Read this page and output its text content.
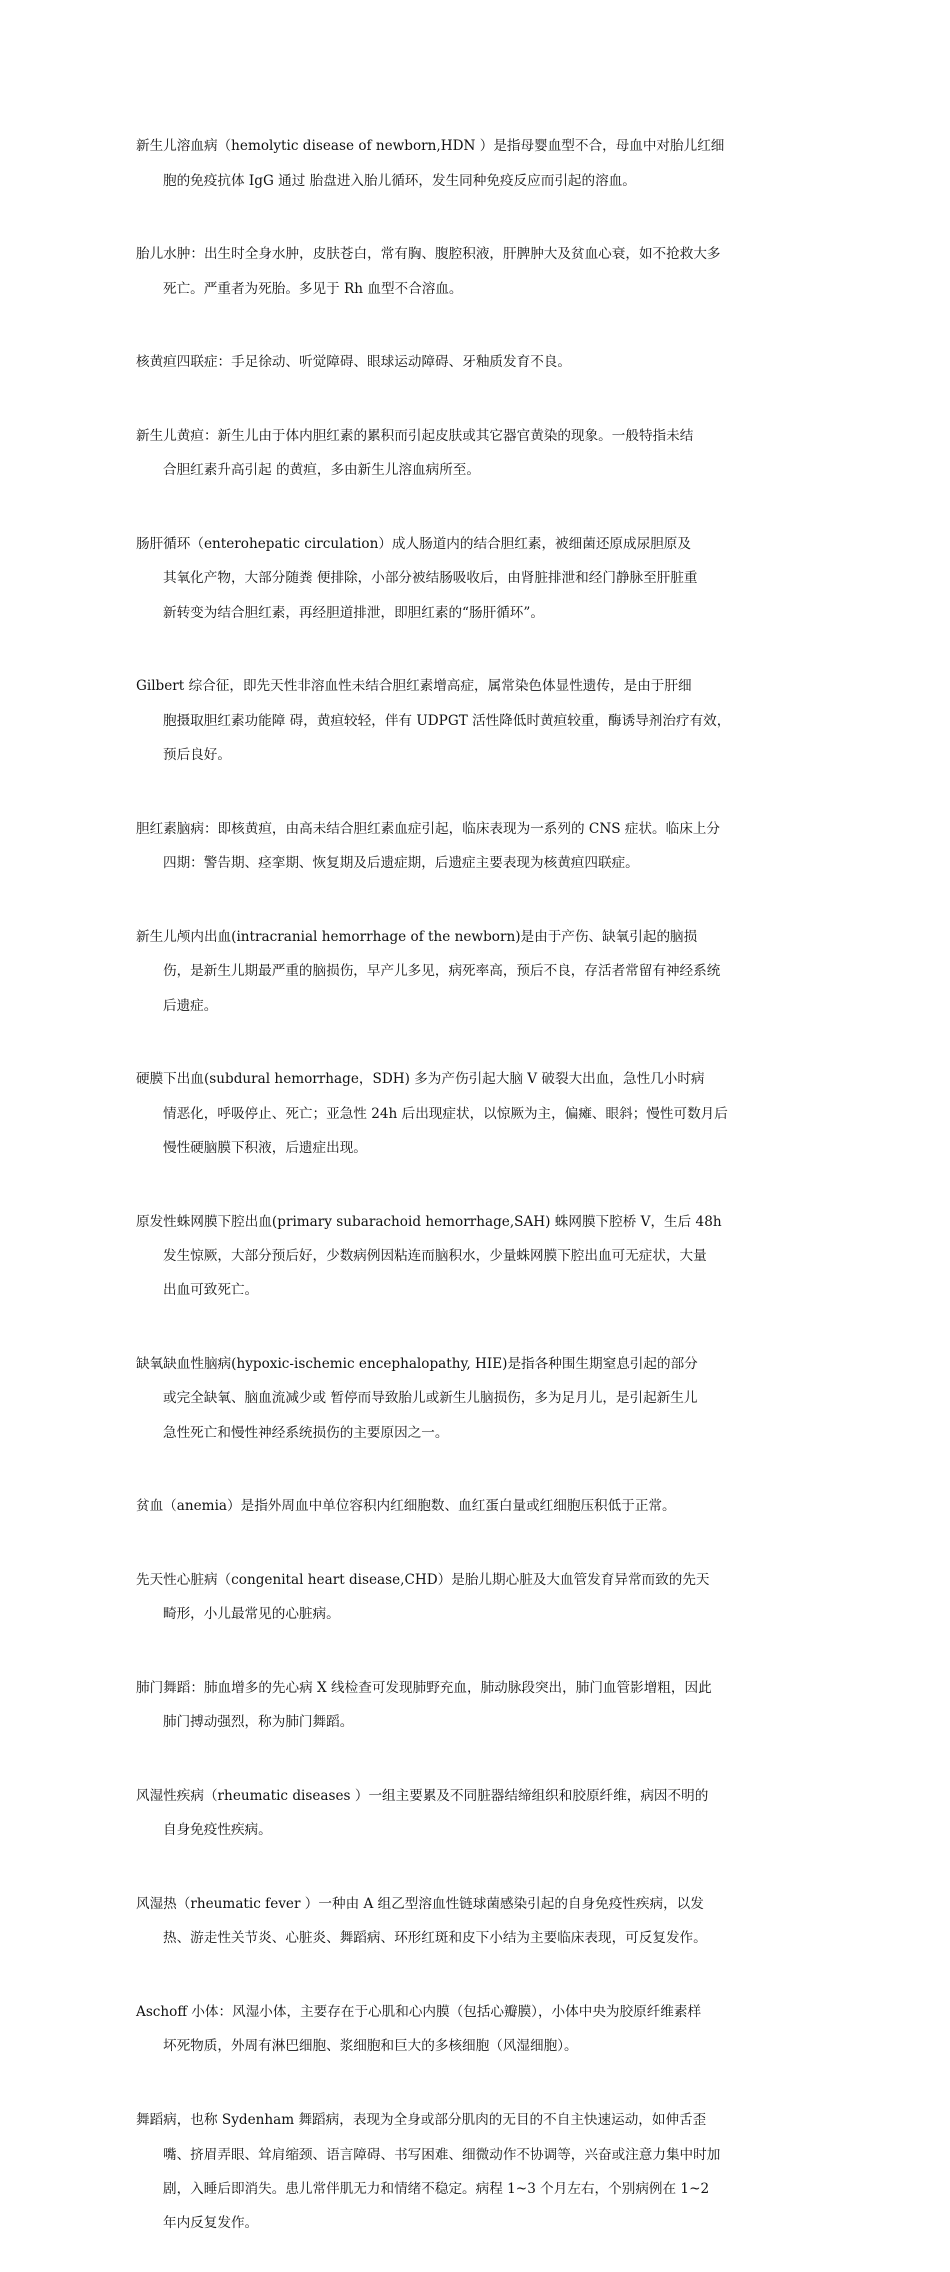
新生儿溶血病（hemolytic disease of newborn,HDN ）是指母婴血型不合，母血中对胎儿红细

胞的免疫抗体 IgG 通过 胎盘进入胎儿循环，发生同种免疫反应而引起的溶血。

胎儿水肿：出生时全身水肿，皮肤苍白，常有胸、腹腔积液，肝脾肿大及贫血心衰，如不抢救大多

死亡。严重者为死胎。多见于 Rh 血型不合溶血。

核黄疸四联症：手足徐动、听觉障碍、眼球运动障碍、牙釉质发育不良。

新生儿黄疸：新生儿由于体内胆红素的累积而引起皮肤或其它器官黄染的现象。一般特指未结

合胆红素升高引起 的黄疸，多由新生儿溶血病所至。

肠肝循环（enterohepatic circulation）成人肠道内的结合胆红素，被细菌还原成尿胆原及

其氧化产物，大部分随粪 便排除，小部分被结肠吸收后，由肾脏排泄和经门静脉至肝脏重

新转变为结合胆红素，再经胆道排泄，即胆红素的“肠肝循环”。

Gilbert 综合征，即先天性非溶血性未结合胆红素增高症，属常染色体显性遗传，是由于肝细

胞摄取胆红素功能障 碍，黄疸较轻，伴有 UDPGT 活性降低时黄疸较重，酶诱导剂治疗有效，

预后良好。

胆红素脑病：即核黄疸，由高未结合胆红素血症引起，临床表现为一系列的 CNS 症状。临床上分

四期：警告期、痉挛期、恢复期及后遗症期，后遗症主要表现为核黄疸四联症。

新生儿颅内出血(intracranial hemorrhage of the newborn)是由于产伤、缺氧引起的脑损

伤，是新生儿期最严重的脑损伤，早产儿多见，病死率高，预后不良，存活者常留有神经系统

后遗症。

硬膜下出血(subdural hemorrhage，SDH) 多为产伤引起大脑 V 破裂大出血，急性几小时病

情恶化，呼吸停止、死亡；亚急性 24h 后出现症状，以惊厥为主，偏瘫、眼斜；慢性可数月后

慢性硬脑膜下积液，后遗症出现。

原发性蛛网膜下腔出血(primary subarachoid hemorrhage,SAH) 蛛网膜下腔桥 V，生后 48h

发生惊厥，大部分预后好，少数病例因粘连而脑积水，少量蛛网膜下腔出血可无症状，大量

出血可致死亡。

缺氧缺血性脑病(hypoxic-ischemic encephalopathy, HIE)是指各种围生期窒息引起的部分

或完全缺氧、脑血流减少或 暂停而导致胎儿或新生儿脑损伤，多为足月儿，是引起新生儿

急性死亡和慢性神经系统损伤的主要原因之一。

贫血（anemia）是指外周血中单位容积内红细胞数、血红蛋白量或红细胞压积低于正常。

先天性心脏病（congenital heart disease,CHD）是胎儿期心脏及大血管发育异常而致的先天

畸形，小儿最常见的心脏病。

肺门舞蹈：肺血增多的先心病 X 线检查可发现肺野充血，肺动脉段突出，肺门血管影增粗，因此

肺门搏动强烈，称为肺门舞蹈。

风湿性疾病（rheumatic diseases ）一组主要累及不同脏器结缔组织和胶原纤维，病因不明的

自身免疫性疾病。

风湿热（rheumatic fever ）一种由 A 组乙型溶血性链球菌感染引起的自身免疫性疾病，以发

热、游走性关节炎、心脏炎、舞蹈病、环形红斑和皮下小结为主要临床表现，可反复发作。

Aschoff 小体：风湿小体，主要存在于心肌和心内膜（包括心瓣膜），小体中央为胶原纤维素样

坏死物质，外周有淋巴细胞、浆细胞和巨大的多核细胞（风湿细胞）。

舞蹈病，也称 Sydenham 舞蹈病，表现为全身或部分肌肉的无目的不自主快速运动，如伸舌歪

嘴、挤眉弄眼、耸肩缩颈、语言障碍、书写困难、细微动作不协调等，兴奋或注意力集中时加

剧，入睡后即消失。患儿常伴肌无力和情绪不稳定。病程 1~3 个月左右，个别病例在 1~2

年内反复发作。
